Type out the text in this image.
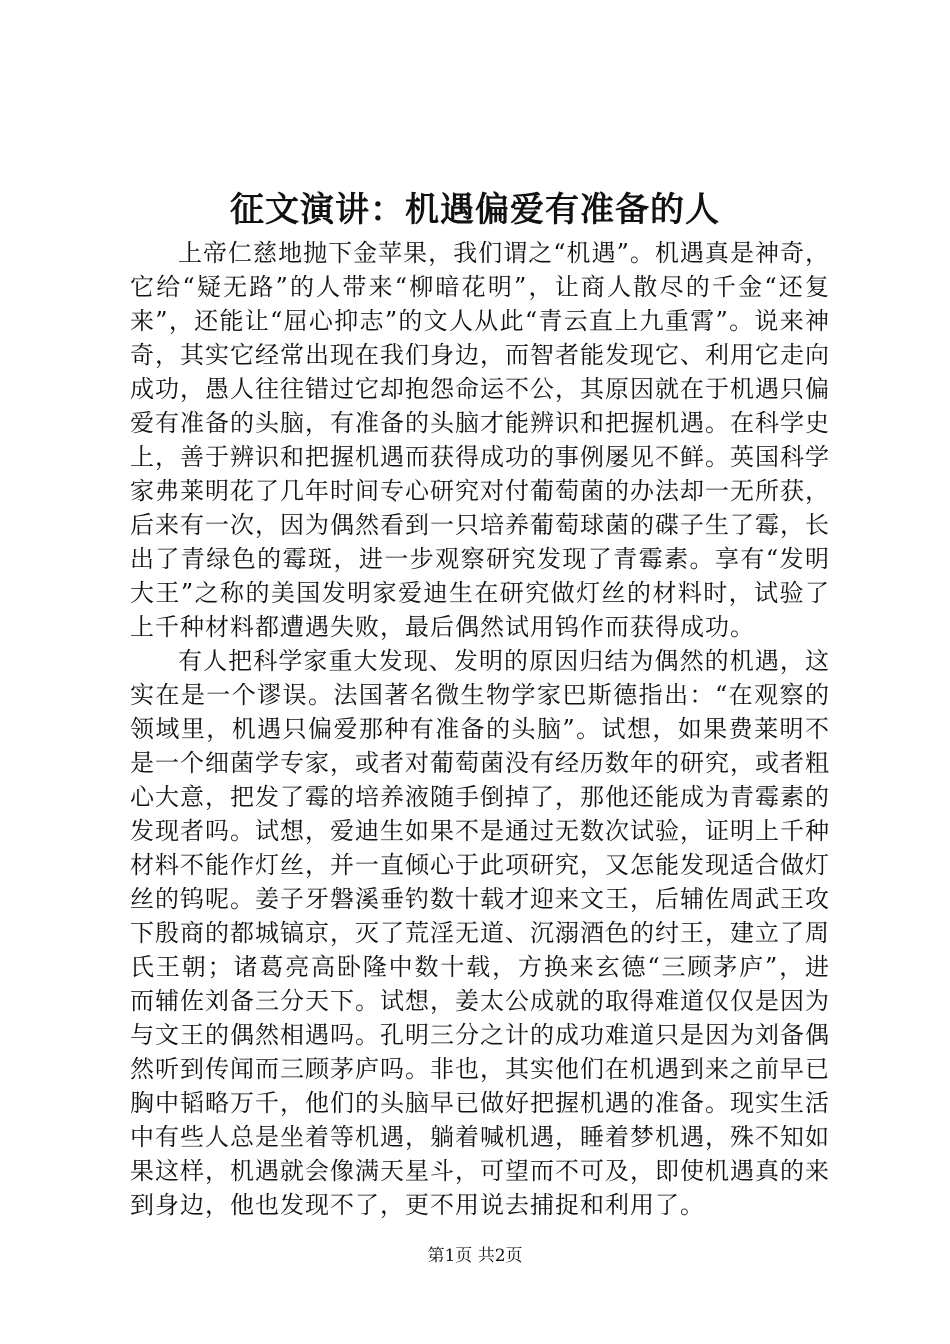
征文演讲：机遇偏爱有准备的人

上帝仁慈地抛下金苹果，我们谓之“机遇”。机遇真是神奇，它给“疑无路”的人带来“柳暗花明”，让商人散尽的千金“还复来”，还能让“屈心抑志”的文人从此“青云直上九重霄”。说来神奇，其实它经常出现在我们身边，而智者能发现它、利用它走向成功，愚人往往错过它却抱怨命运不公，其原因就在于机遇只偏爱有准备的头脑，有准备的头脑才能辨识和把握机遇。在科学史上，善于辨识和把握机遇而获得成功的事例屡见不鲜。英国科学家弗莱明花了几年时间专心研究对付葡萄菌的办法却一无所获，后来有一次，因为偶然看到一只培养葡萄球菌的碟子生了霉，长出了青绿色的霉斑，进一步观察研究发现了青霉素。享有“发明大王”之称的美国发明家爱迪生在研究做灯丝的材料时，试验了上千种材料都遭遇失败，最后偶然试用钨作而获得成功。

有人把科学家重大发现、发明的原因归结为偶然的机遇，这实在是一个谬误。法国著名微生物学家巴斯德指出：“在观察的领域里，机遇只偏爱那种有准备的头脑”。试想，如果费莱明不是一个细菌学专家，或者对葡萄菌没有经历数年的研究，或者粗心大意，把发了霉的培养液随手倒掉了，那他还能成为青霉素的发现者吗。试想，爱迪生如果不是通过无数次试验，证明上千种材料不能作灯丝，并一直倾心于此项研究，又怎能发现适合做灯丝的钨呢。姜子牙磐溪垂钓数十载才迎来文王，后辅佐周武王攻下殷商的都城镐京，灭了荒淫无道、沉溺酒色的纣王，建立了周氏王朝；诸葛亮高卧隆中数十载，方换来玄德“三顾茅庐”，进而辅佐刘备三分天下。试想，姜太公成就的取得难道仅仅是因为与文王的偶然相遇吗。孔明三分之计的成功难道只是因为刘备偶然听到传闻而三顾茅庐吗。非也，其实他们在机遇到来之前早已胸中韬略万千，他们的头脑早已做好把握机遇的准备。现实生活中有些人总是坐着等机遇，躺着喊机遇，睡着梦机遇，殊不知如果这样，机遇就会像满天星斗，可望而不可及，即使机遇真的来到身边，他也发现不了，更不用说去捕捉和利用了。

第1页 共2页
